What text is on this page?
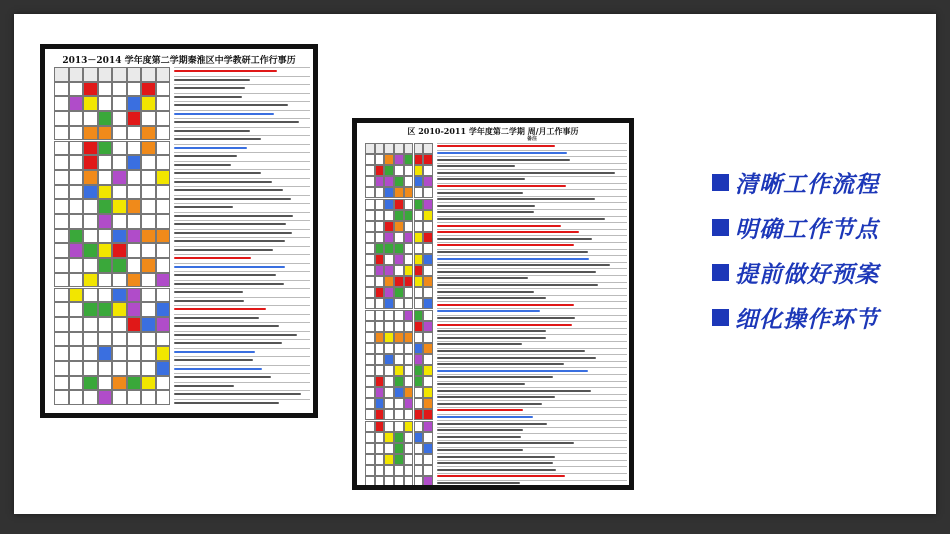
2013－2014 学年度第二学期秦淮区中学教研工作行事历
区 2010-2011 学年度第二学期 周/月工作事历
备注
清晰工作流程
明确工作节点
提前做好预案
细化操作环节
